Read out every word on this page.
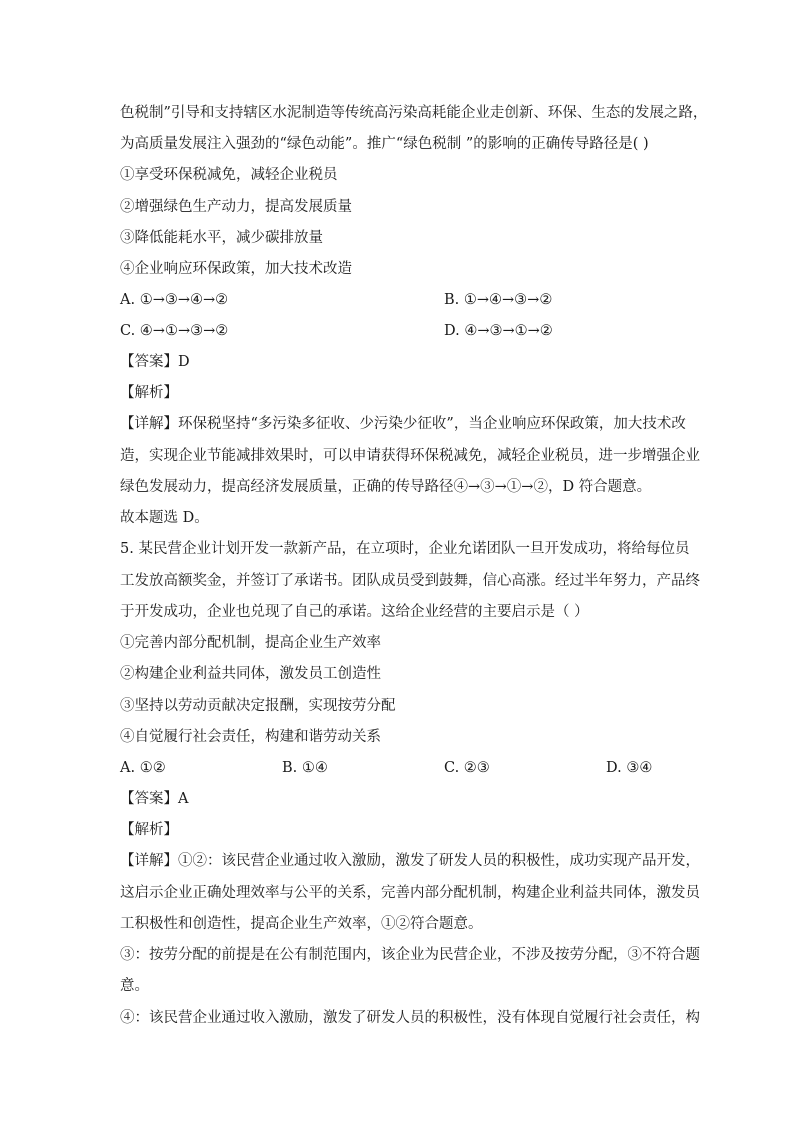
色税制”引导和支持辖区水泥制造等传统高污染高耗能企业走创新、环保、生态的发展之路，
为高质量发展注入强劲的“绿色动能”。推广“绿色税制 ”的影响的正确传导路径是( )
①享受环保税减免，减轻企业税员
②增强绿色生产动力，提高发展质量
③降低能耗水平，减少碳排放量
④企业响应环保政策，加大技术改造
A. ①→③→④→②	B. ①→④→③→②
C. ④→①→③→②	D. ④→③→①→②
【答案】D
【解析】
【详解】环保税坚持“多污染多征收、少污染少征收”，当企业响应环保政策，加大技术改
造，实现企业节能减排效果时，可以申请获得环保税减免，减轻企业税员，进一步增强企业
绿色发展动力，提高经济发展质量，正确的传导路径④→③→①→②，D 符合题意。
故本题选 D。
5. 某民营企业计划开发一款新产品，在立项时，企业允诺团队一旦开发成功，将给每位员
工发放高额奖金，并签订了承诺书。团队成员受到鼓舞，信心高涨。经过半年努力，产品终
于开发成功，企业也兑现了自己的承诺。这给企业经营的主要启示是（ ）
①完善内部分配机制，提高企业生产效率
②构建企业利益共同体，激发员工创造性
③坚持以劳动贡献决定报酬，实现按劳分配
④自觉履行社会责任，构建和谐劳动关系
A. ①②	B. ①④	C. ②③	D. ③④
【答案】A
【解析】
【详解】①②：该民营企业通过收入激励，激发了研发人员的积极性，成功实现产品开发，
这启示企业正确处理效率与公平的关系，完善内部分配机制，构建企业利益共同体，激发员
工积极性和创造性，提高企业生产效率，①②符合题意。
③：按劳分配的前提是在公有制范围内，该企业为民营企业，不涉及按劳分配，③不符合题
意。
④：该民营企业通过收入激励，激发了研发人员的积极性，没有体现自觉履行社会责任，构
